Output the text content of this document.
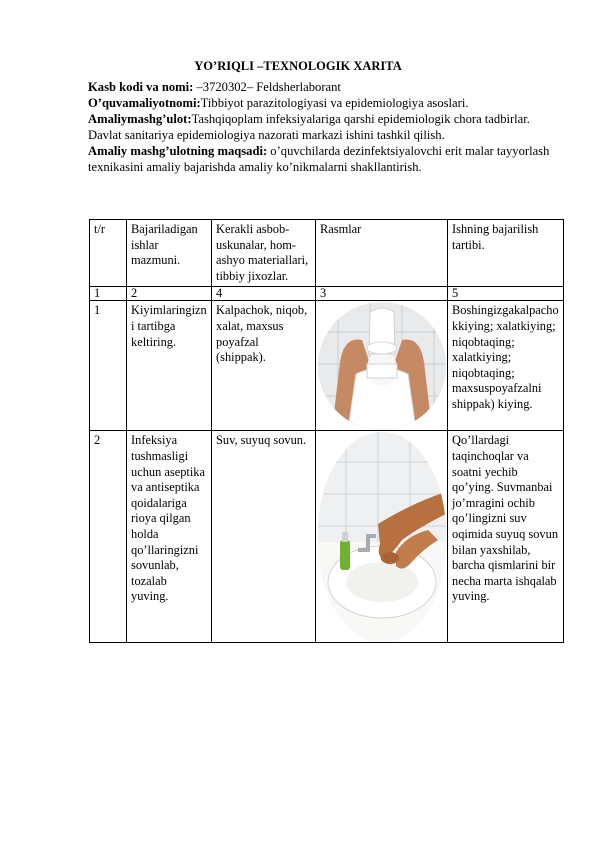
YO’RIQLI –TEXNOLOGIK XARITA

Kasb kodi va nomi: –3720302– Feldsherlaborant

O’quvamaliyotnomi:Tibbiyot parazitologiyasi va epidemiologiya asoslari.

Amaliymashg’ulot:Tashqiqoplam infeksiyalariga qarshi epidemiologik chora tadbirlar. Davlat sanitariya epidemiologiya nazorati markazi ishini tashkil qilish.

Amaliy mashg’ulotning maqsadi: o’quvchilarda dezinfektsiyalovchi erit malar tayyorlash texnikasini amaliy bajarishda amaliy ko’nikmalarni shakllantirish.

t/r	Bajariladigan ishlar mazmuni.	Kerakli asbob-uskunalar, hom-ashyo materiallari, tibbiy jixozlar.	Rasmlar	Ishning bajarilish tartibi.
1	2	4	3	5
1	Kiyimlaringizni tartibga keltiring.	Kalpachok, niqob, xalat, maxsus poyafzal (shippak).		Boshingizgakalpachokkiying; xalatkiying; niqobtaqing; xalatkiying; niqobtaqing; maxsuspoyafzalni shippak) kiying.
2	Infeksiya tushmasligi uchun aseptika va antiseptika qoidalariga rioya qilgan holda qo’llaringizni sovunlab, tozalab yuving.	Suv, suyuq sovun.		Qo’llardagi taqinchoqlar va soatni yechib qo’ying. Suvmanbai jo’mragini ochib qo’lingizni suv oqimida suyuq sovun bilan yaxshilab, barcha qismlarini bir necha marta ishqalab yuving.
